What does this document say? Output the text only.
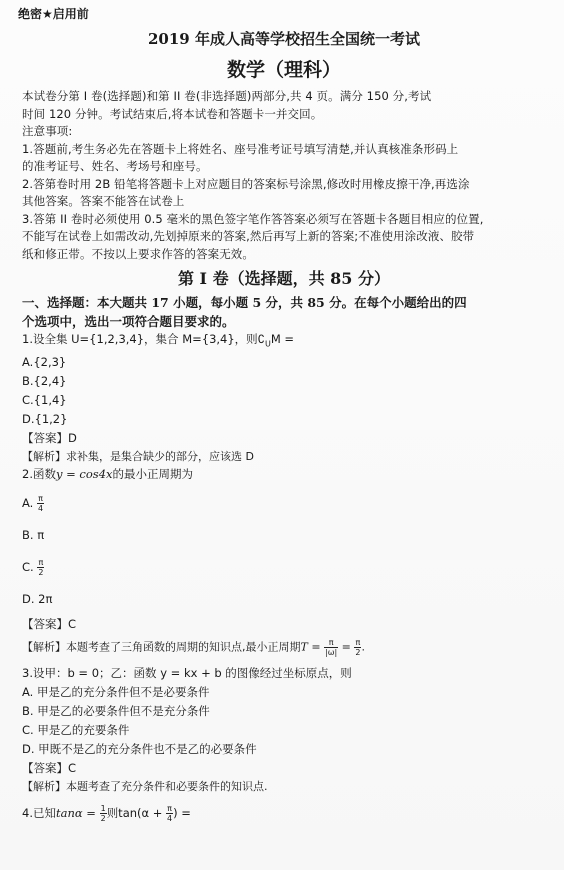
绝密★启用前
2019 年成人高等学校招生全国统一考试
数学（理科）

本试卷分第 I 卷(选择题)和第 II 卷(非选择题)两部分,共 4 页。满分 150 分,考试

时间 120 分钟。考试结束后,将本试卷和答题卡一并交回。

注意事项:

1.答题前,考生务必先在答题卡上将姓名、座号准考证号填写清楚,并认真核准条形码上

的准考证号、姓名、考场号和座号。

2.答第卷时用 2B 铅笔将答题卡上对应题目的答案标号涂黑,修改时用橡皮擦干净,再选涂

其他答案。答案不能答在试卷上

3.答第 II 卷时必须使用 0.5 毫米的黑色签字笔作答答案必须写在答题卡各题目相应的位置,

不能写在试卷上如需改动,先划掉原来的答案,然后再写上新的答案;不准使用涂改液、胶带

纸和修正带。不按以上要求作答的答案无效。

第 I 卷（选择题，共 85 分）

一、选择题：本大题共 17 小题，每小题 5 分，共 85 分。在每个小题给出的四

个选项中，选出一项符合题目要求的。

1.设全集 U={1,2,3,4}，集合 M={3,4}，则$∁_UM$ =

A.{2,3}

B.{2,4}

C.{1,4}

D.{1,2}

【答案】D

【解析】求补集，是集合缺少的部分，应该选 D

2.函数y = cos4x的最小正周期为

A. $\frac{\pi}{4}$

B. π

C. $\frac{\pi}{2}$

D. 2π

【答案】C

【解析】本题考查了三角函数的周期的知识点,最小正周期$T = \frac{\pi}{|\omega|} = \frac{\pi}{2}$ .

3.设甲：b = 0；乙：函数 y = kx + b 的图像经过坐标原点，则

A. 甲是乙的充分条件但不是必要条件

B. 甲是乙的必要条件但不是充分条件

C. 甲是乙的充要条件

D. 甲既不是乙的充分条件也不是乙的必要条件

【答案】C

【解析】本题考查了充分条件和必要条件的知识点.

4.已知$\tan\alpha = \frac{1}{2}$ 则$\tan(\alpha + \frac{\pi}{4}$ ) =
